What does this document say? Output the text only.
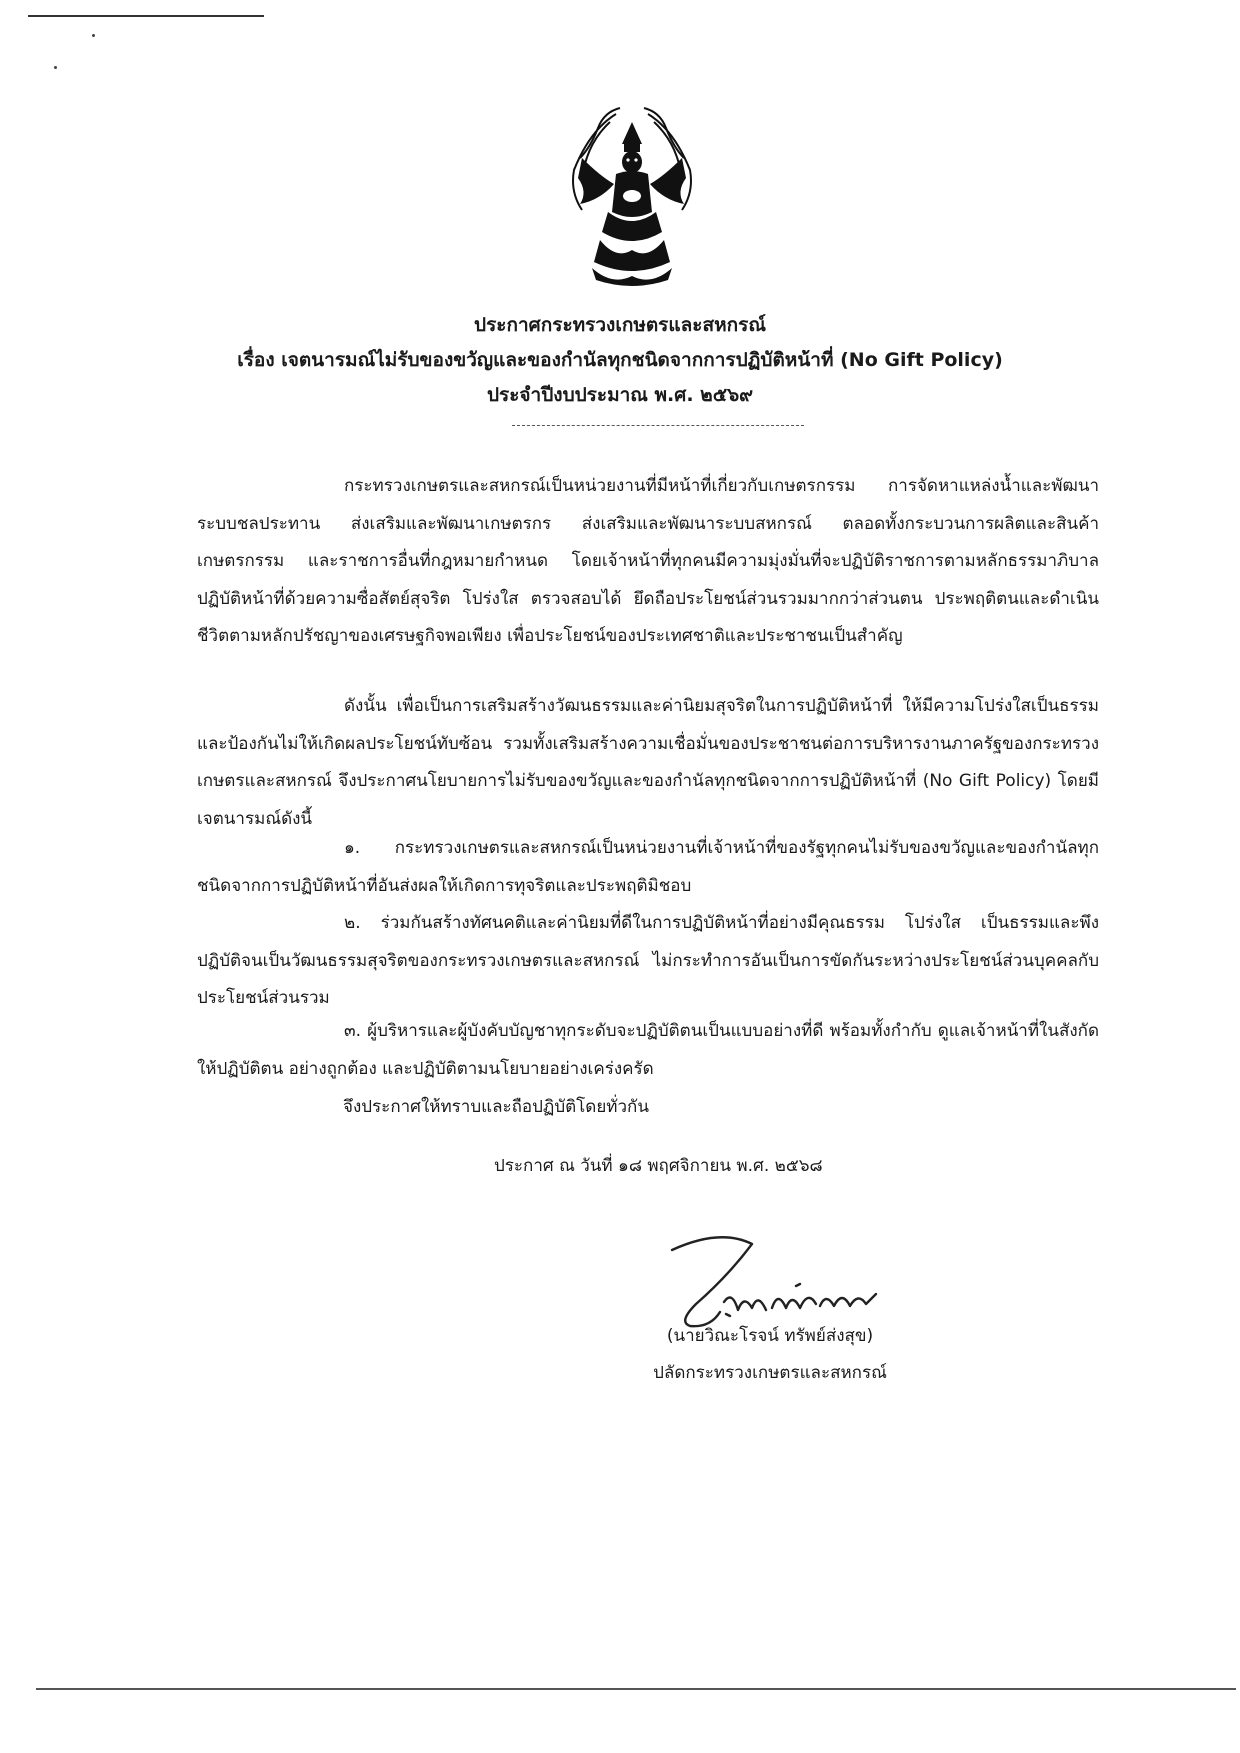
ประกาศกระทรวงเกษตรและสหกรณ์
เรื่อง เจตนารมณ์ไม่รับของขวัญและของกำนัลทุกชนิดจากการปฏิบัติหน้าที่ (No Gift Policy)
ประจำปีงบประมาณ พ.ศ. ๒๕๖๙

กระทรวงเกษตรและสหกรณ์เป็นหน่วยงานที่มีหน้าที่เกี่ยวกับเกษตรกรรม การจัดหาแหล่งน้ำและพัฒนาระบบชลประทาน ส่งเสริมและพัฒนาเกษตรกร ส่งเสริมและพัฒนาระบบสหกรณ์ ตลอดทั้งกระบวนการผลิตและสินค้าเกษตรกรรม และราชการอื่นที่กฎหมายกำหนด โดยเจ้าหน้าที่ทุกคนมีความมุ่งมั่นที่จะปฏิบัติราชการตามหลักธรรมาภิบาล ปฏิบัติหน้าที่ด้วยความซื่อสัตย์สุจริต โปร่งใส ตรวจสอบได้ ยึดถือประโยชน์ส่วนรวมมากกว่าส่วนตน ประพฤติตนและดำเนินชีวิตตามหลักปรัชญาของเศรษฐกิจพอเพียง เพื่อประโยชน์ของประเทศชาติและประชาชนเป็นสำคัญ

ดังนั้น เพื่อเป็นการเสริมสร้างวัฒนธรรมและค่านิยมสุจริตในการปฏิบัติหน้าที่ ให้มีความโปร่งใสเป็นธรรม และป้องกันไม่ให้เกิดผลประโยชน์ทับซ้อน รวมทั้งเสริมสร้างความเชื่อมั่นของประชาชนต่อการบริหารงานภาครัฐของกระทรวงเกษตรและสหกรณ์ จึงประกาศนโยบายการไม่รับของขวัญและของกำนัลทุกชนิดจากการปฏิบัติหน้าที่ (No Gift Policy) โดยมีเจตนารมณ์ดังนี้

๑. กระทรวงเกษตรและสหกรณ์เป็นหน่วยงานที่เจ้าหน้าที่ของรัฐทุกคนไม่รับของขวัญและของกำนัลทุกชนิดจากการปฏิบัติหน้าที่อันส่งผลให้เกิดการทุจริตและประพฤติมิชอบ

๒. ร่วมกันสร้างทัศนคติและค่านิยมที่ดีในการปฏิบัติหน้าที่อย่างมีคุณธรรม โปร่งใส เป็นธรรมและพึงปฏิบัติจนเป็นวัฒนธรรมสุจริตของกระทรวงเกษตรและสหกรณ์ ไม่กระทำการอันเป็นการขัดกันระหว่างประโยชน์ส่วนบุคคลกับประโยชน์ส่วนรวม

๓. ผู้บริหารและผู้บังคับบัญชาทุกระดับจะปฏิบัติตนเป็นแบบอย่างที่ดี พร้อมทั้งกำกับ ดูแลเจ้าหน้าที่ในสังกัดให้ปฏิบัติตน อย่างถูกต้อง และปฏิบัติตามนโยบายอย่างเคร่งครัด

จึงประกาศให้ทราบและถือปฏิบัติโดยทั่วกัน
ประกาศ ณ วันที่ ๑๘ พฤศจิกายน พ.ศ. ๒๕๖๘
(นายวิณะโรจน์ ทรัพย์ส่งสุข)
ปลัดกระทรวงเกษตรและสหกรณ์
